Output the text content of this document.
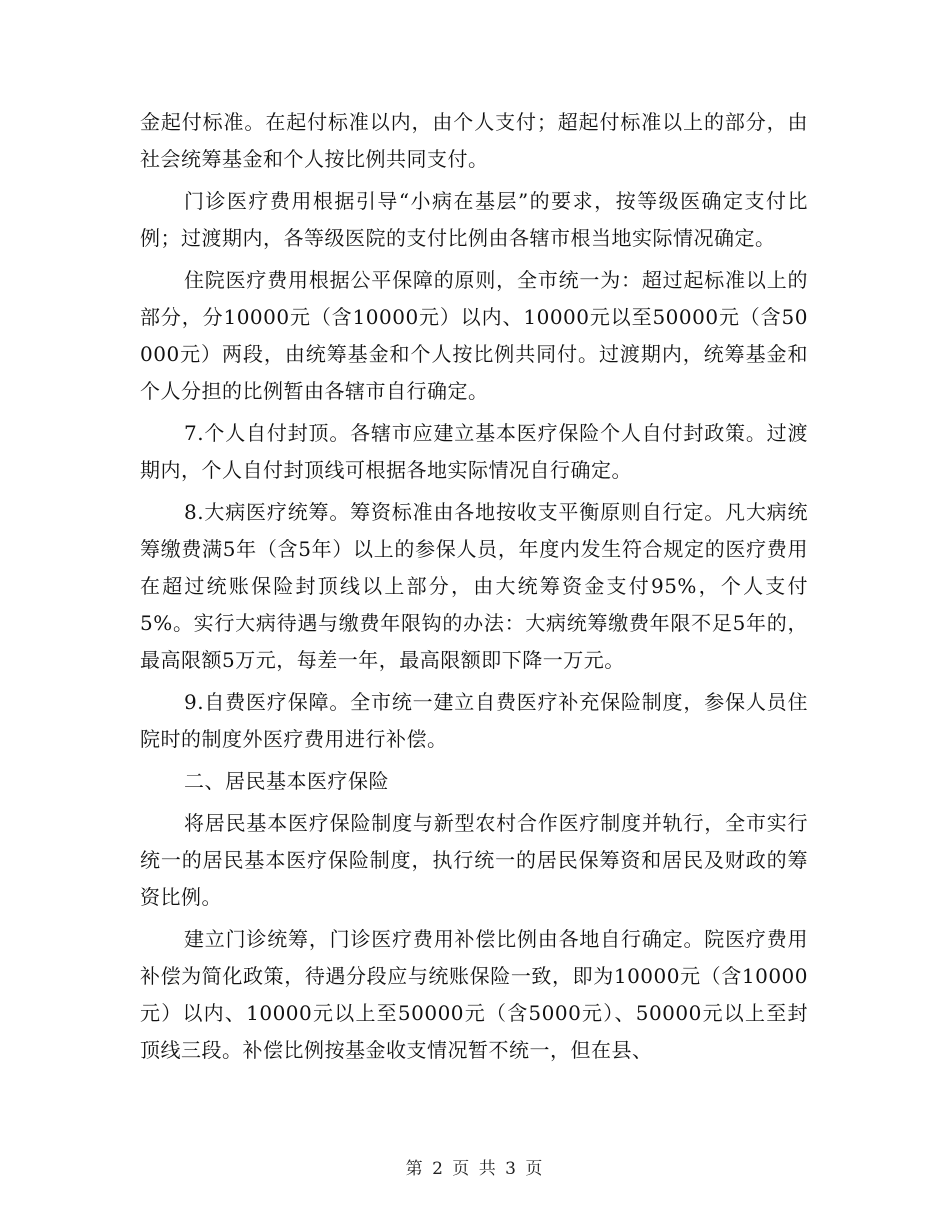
金起付标准。在起付标准以内，由个人支付；超起付标准以上的部分，由社会统筹基金和个人按比例共同支付。

门诊医疗费用根据引导“小病在基层”的要求，按等级医确定支付比例；过渡期内，各等级医院的支付比例由各辖市根当地实际情况确定。

住院医疗费用根据公平保障的原则，全市统一为：超过起标准以上的部分，分10000元（含10000元）以内、10000元以至50000元（含50000元）两段，由统筹基金和个人按比例共同付。过渡期内，统筹基金和个人分担的比例暂由各辖市自行确定。

7.个人自付封顶。各辖市应建立基本医疗保险个人自付封政策。过渡期内，个人自付封顶线可根据各地实际情况自行确定。

8.大病医疗统筹。筹资标准由各地按收支平衡原则自行定。凡大病统筹缴费满5年（含5年）以上的参保人员，年度内发生符合规定的医疗费用在超过统账保险封顶线以上部分，由大统筹资金支付95%，个人支付5%。实行大病待遇与缴费年限钩的办法：大病统筹缴费年限不足5年的，最高限额5万元，每差一年，最高限额即下降一万元。

9.自费医疗保障。全市统一建立自费医疗补充保险制度，参保人员住院时的制度外医疗费用进行补偿。

二、居民基本医疗保险

将居民基本医疗保险制度与新型农村合作医疗制度并轨行，全市实行统一的居民基本医疗保险制度，执行统一的居民保筹资和居民及财政的筹资比例。

建立门诊统筹，门诊医疗费用补偿比例由各地自行确定。院医疗费用补偿为简化政策，待遇分段应与统账保险一致，即为10000元（含10000元）以内、10000元以上至50000元（含5000元）、50000元以上至封顶线三段。补偿比例按基金收支情况暂不统一，但在县、

第 2 页 共 3 页
